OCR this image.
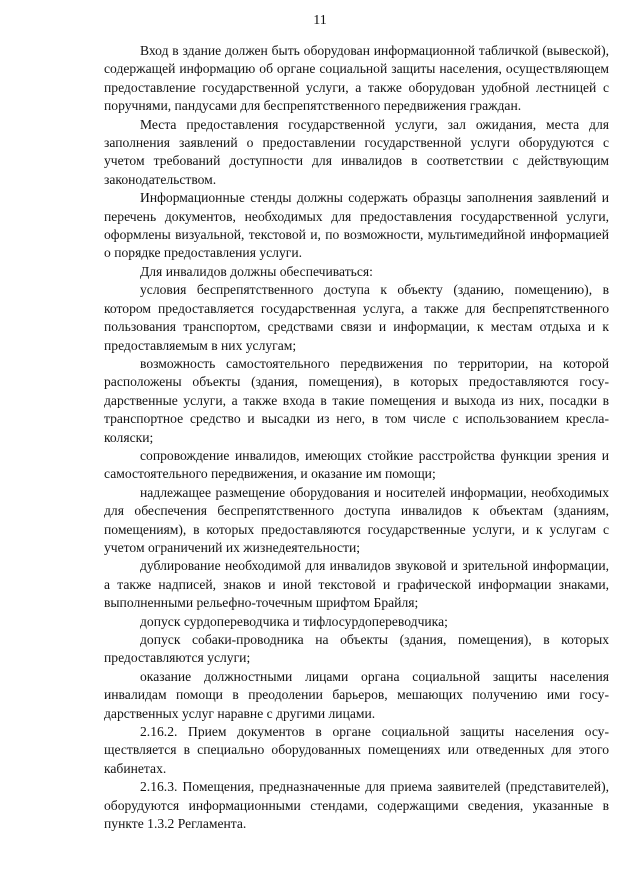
11

Вход в здание должен быть оборудован информационной табличкой (вывеской), содержащей информацию об органе социальной защиты населения, осуществляющем предоставление государственной услуги, а также оборудован удобной лестницей с поручнями, пандусами для беспрепятственного передвижения граждан.

Места предоставления государственной услуги, зал ожидания, места для заполнения заявлений о предоставлении государственной услуги оборудуются с учетом требований доступности для инвалидов в соответствии с действующим законодательством.

Информационные стенды должны содержать образцы заполнения заявлений и перечень документов, необходимых для предоставления государственной услуги, оформлены визуальной, текстовой и, по возможности, мультимедийной информацией о порядке предоставления услуги.

Для инвалидов должны обеспечиваться:

условия беспрепятственного доступа к объекту (зданию, помещению), в котором предоставляется государственная услуга, а также для беспрепятственного пользования транспортом, средствами связи и информации, к местам отдыха и к предоставляемым в них услугам;

возможность самостоятельного передвижения по территории, на которой расположены объекты (здания, помещения), в которых предоставляются государственные услуги, а также входа в такие помещения и выхода из них, посадки в транспортное средство и высадки из него, в том числе с использованием кресла-коляски;

сопровождение инвалидов, имеющих стойкие расстройства функции зрения и самостоятельного передвижения, и оказание им помощи;

надлежащее размещение оборудования и носителей информации, необходимых для обеспечения беспрепятственного доступа инвалидов к объектам (зданиям, помещениям), в которых предоставляются государственные услуги, и к услугам с учетом ограничений их жизнедеятельности;

дублирование необходимой для инвалидов звуковой и зрительной информации, а также надписей, знаков и иной текстовой и графической информации знаками, выполненными рельефно-точечным шрифтом Брайля;

допуск сурдопереводчика и тифлосурдопереводчика;

допуск собаки-проводника на объекты (здания, помещения), в которых предоставляются услуги;

оказание должностными лицами органа социальной защиты населения инвалидам помощи в преодолении барьеров, мешающих получению ими государственных услуг наравне с другими лицами.

2.16.2. Прием документов в органе социальной защиты населения осуществляется в специально оборудованных помещениях или отведенных для этого кабинетах.

2.16.3. Помещения, предназначенные для приема заявителей (представителей), оборудуются информационными стендами, содержащими сведения, указанные в пункте 1.3.2 Регламента.
